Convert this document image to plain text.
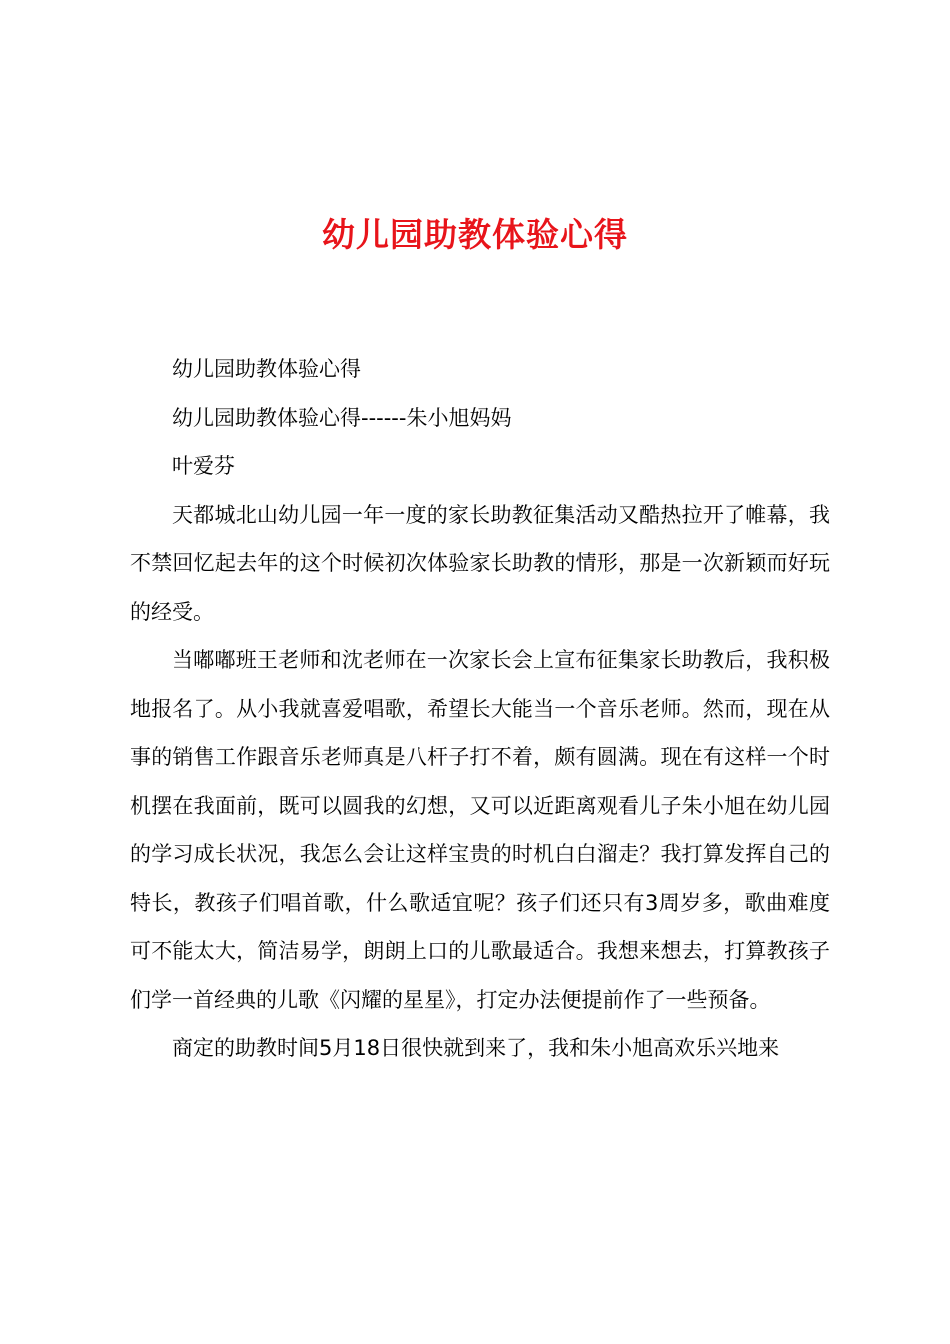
幼儿园助教体验心得

幼儿园助教体验心得

幼儿园助教体验心得------朱小旭妈妈

叶爱芬

天都城北山幼儿园一年一度的家长助教征集活动又酷热拉开了帷幕，我不禁回忆起去年的这个时候初次体验家长助教的情形，那是一次新颖而好玩的经受。

当嘟嘟班王老师和沈老师在一次家长会上宣布征集家长助教后，我积极地报名了。从小我就喜爱唱歌，希望长大能当一个音乐老师。然而，现在从事的销售工作跟音乐老师真是八杆子打不着，颇有圆满。现在有这样一个时机摆在我面前，既可以圆我的幻想，又可以近距离观看儿子朱小旭在幼儿园的学习成长状况，我怎么会让这样宝贵的时机白白溜走？我打算发挥自己的特长，教孩子们唱首歌，什么歌适宜呢？孩子们还只有3周岁多，歌曲难度可不能太大，简洁易学，朗朗上口的儿歌最适合。我想来想去，打算教孩子们学一首经典的儿歌《闪耀的星星》，打定办法便提前作了一些预备。

商定的助教时间5月18日很快就到来了，我和朱小旭高欢乐兴地来
